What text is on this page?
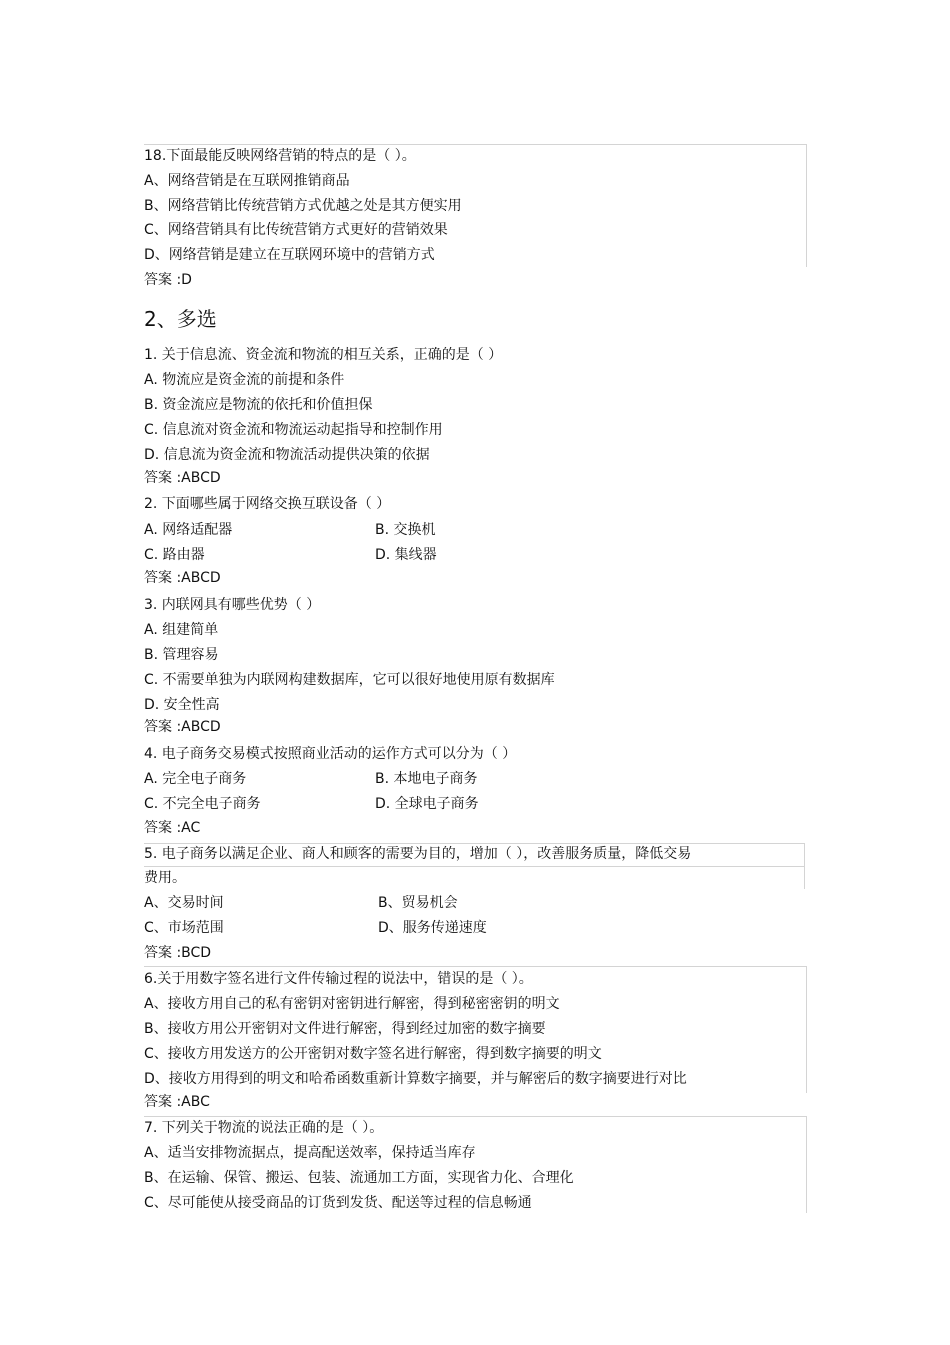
18.下面最能反映网络营销的特点的是（ ）。
A、网络营销是在互联网推销商品
B、网络营销比传统营销方式优越之处是其方便实用
C、网络营销具有比传统营销方式更好的营销效果
D、网络营销是建立在互联网环境中的营销方式
答案 :D
2、多选
1. 关于信息流、资金流和物流的相互关系，正确的是（ ）
A. 物流应是资金流的前提和条件
B. 资金流应是物流的依托和价值担保
C. 信息流对资金流和物流运动起指导和控制作用
D. 信息流为资金流和物流活动提供决策的依据
答案 :ABCD
2. 下面哪些属于网络交换互联设备（ ）
A. 网络适配器	B. 交换机
C. 路由器	D. 集线器
答案 :ABCD
3. 内联网具有哪些优势（ ）
A. 组建简单
B. 管理容易
C. 不需要单独为内联网构建数据库，它可以很好地使用原有数据库
D. 安全性高
答案 :ABCD
4. 电子商务交易模式按照商业活动的运作方式可以分为（ ）
A. 完全电子商务	B. 本地电子商务
C. 不完全电子商务	D. 全球电子商务
答案 :AC
5. 电子商务以满足企业、商人和顾客的需要为目的，增加（ ），改善服务质量，降低交易
费用。
A、交易时间	B、贸易机会
C、市场范围	D、服务传递速度
答案 :BCD
6.关于用数字签名进行文件传输过程的说法中，错误的是（ ）。
A、接收方用自己的私有密钥对密钥进行解密，得到秘密密钥的明文
B、接收方用公开密钥对文件进行解密，得到经过加密的数字摘要
C、接收方用发送方的公开密钥对数字签名进行解密，得到数字摘要的明文
D、接收方用得到的明文和哈希函数重新计算数字摘要，并与解密后的数字摘要进行对比
答案 :ABC
7. 下列关于物流的说法正确的是（ ）。
A、适当安排物流据点，提高配送效率，保持适当库存
B、在运输、保管、搬运、包装、流通加工方面，实现省力化、合理化
C、尽可能使从接受商品的订货到发货、配送等过程的信息畅通
